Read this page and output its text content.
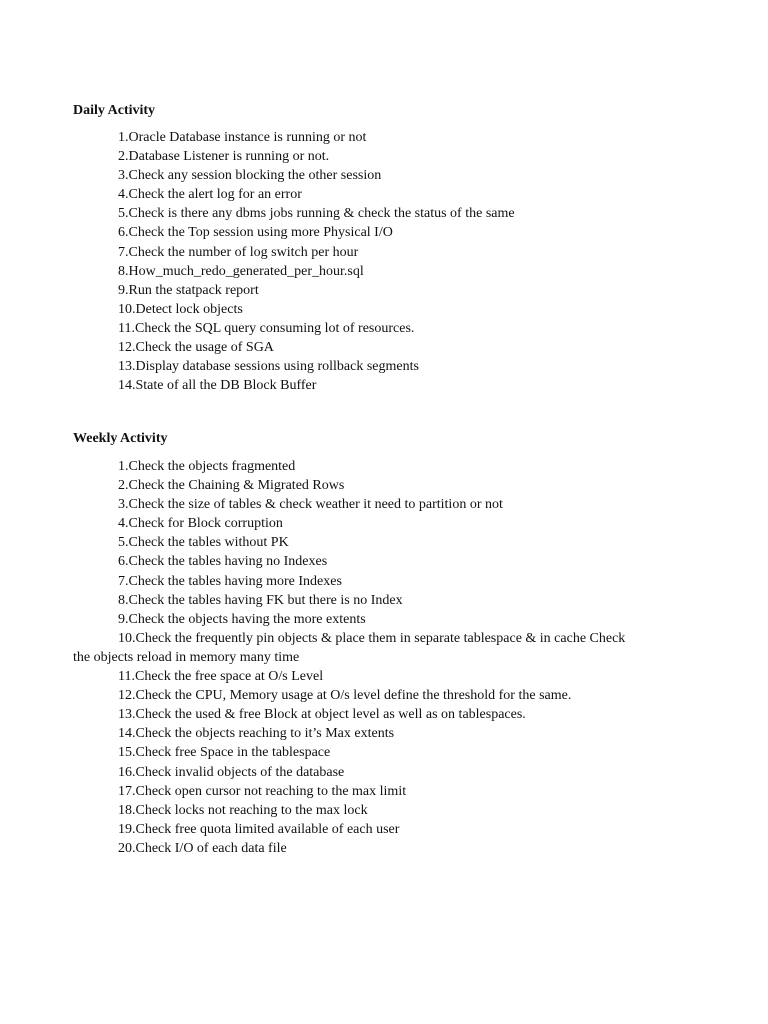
Daily Activity
1.Oracle Database instance is running or not
2.Database Listener is running or not.
3.Check any session blocking the other session
4.Check the alert log for an error
5.Check is there any dbms jobs running & check the status of the same
6.Check the Top session using more Physical I/O
7.Check the number of log switch per hour
8.How_much_redo_generated_per_hour.sql
9.Run the statpack report
10.Detect lock objects
11.Check the SQL query consuming lot of resources.
12.Check the usage of SGA
13.Display database sessions using rollback segments
14.State of all the DB Block Buffer
Weekly Activity
1.Check the objects fragmented
2.Check the Chaining & Migrated Rows
3.Check the size of tables & check weather it need to partition or not
4.Check for Block corruption
5.Check the tables without PK
6.Check the tables having no Indexes
7.Check the tables having more Indexes
8.Check the tables having FK but there is no Index
9.Check the objects having the more extents
10.Check the frequently pin objects & place them in separate tablespace & in cache Check
the objects reload in memory many time
11.Check the free space at O/s Level
12.Check the CPU, Memory usage at O/s level define the threshold for the same.
13.Check the used & free Block at object level as well as on tablespaces.
14.Check the objects reaching to it’s Max extents
15.Check free Space in the tablespace
16.Check invalid objects of the database
17.Check open cursor not reaching to the max limit
18.Check locks not reaching to the max lock
19.Check free quota limited available of each user
20.Check I/O of each data file
